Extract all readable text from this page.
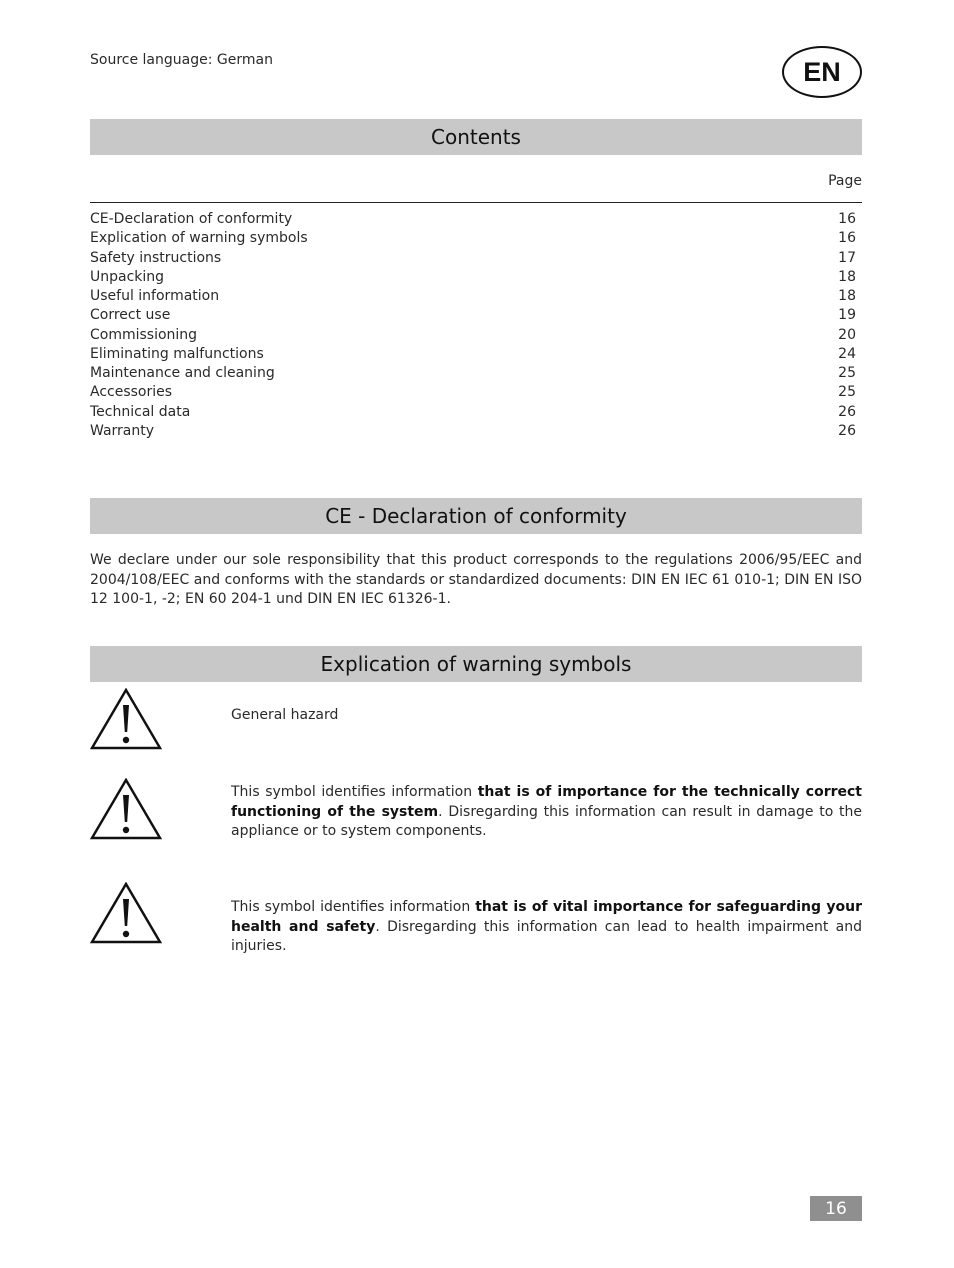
Source language: German	EN
Contents
Page
CE-Declaration of conformity	16
Explication of warning symbols	16
Safety instructions	17
Unpacking	18
Useful information	18
Correct use	19
Commissioning	20
Eliminating malfunctions	24
Maintenance and cleaning	25
Accessories	25
Technical data	26
Warranty	26
CE - Declaration of conformity

We declare under our sole responsibility that this product corresponds to the regulations 2006/95/EEC and 2004/108/EEC and conforms with the standards or standardized documents: DIN EN IEC 61 010-1; DIN EN ISO 12 100-1, -2; EN 60 204-1 und DIN EN IEC 61326-1.

Explication of warning symbols
General hazard
This symbol identifies information that is of importance for the technically correct functioning of the system. Disregarding this information can result in damage to the appliance or to system components.
This symbol identifies information that is of vital importance for safeguarding your health and safety. Disregarding this information can lead to health impairment and injuries.
16
